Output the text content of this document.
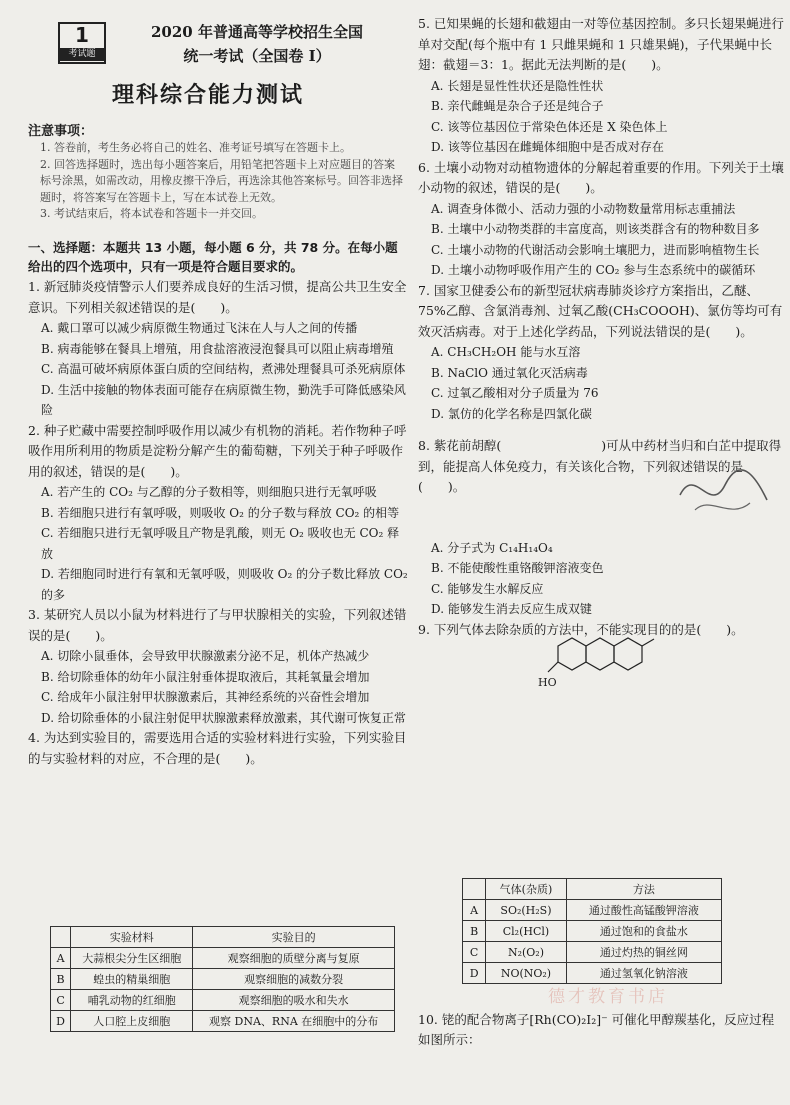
1
考试题
2020 年普通高等学校招生全国
统一考试（全国卷 I）
理科综合能力测试
注意事项：

1. 答卷前，考生务必将自己的姓名、准考证号填写在答题卡上。

2. 回答选择题时，选出每小题答案后，用铅笔把答题卡上对应题目的答案标号涂黑，如需改动，用橡皮擦干净后，再选涂其他答案标号。回答非选择题时，将答案写在答题卡上，写在本试卷上无效。

3. 考试结束后，将本试卷和答题卡一并交回。

一、选择题：本题共 13 小题，每小题 6 分，共 78 分。在每小题给出的四个选项中，只有一项是符合题目要求的。

1. 新冠肺炎疫情警示人们要养成良好的生活习惯，提高公共卫生安全意识。下列相关叙述错误的是(　　)。

A. 戴口罩可以减少病原微生物通过飞沫在人与人之间的传播

B. 病毒能够在餐具上增殖，用食盐溶液浸泡餐具可以阻止病毒增殖

C. 高温可破坏病原体蛋白质的空间结构，煮沸处理餐具可杀死病原体

D. 生活中接触的物体表面可能存在病原微生物，勤洗手可降低感染风险

2. 种子贮藏中需要控制呼吸作用以减少有机物的消耗。若作物种子呼吸作用所利用的物质是淀粉分解产生的葡萄糖，下列关于种子呼吸作用的叙述，错误的是(　　)。

A. 若产生的 CO₂ 与乙醇的分子数相等，则细胞只进行无氧呼吸

B. 若细胞只进行有氧呼吸，则吸收 O₂ 的分子数与释放 CO₂ 的相等

C. 若细胞只进行无氧呼吸且产物是乳酸，则无 O₂ 吸收也无 CO₂ 释放

D. 若细胞同时进行有氧和无氧呼吸，则吸收 O₂ 的分子数比释放 CO₂ 的多

3. 某研究人员以小鼠为材料进行了与甲状腺相关的实验，下列叙述错误的是(　　)。

A. 切除小鼠垂体，会导致甲状腺激素分泌不足，机体产热减少

B. 给切除垂体的幼年小鼠注射垂体提取液后，其耗氧量会增加

C. 给成年小鼠注射甲状腺激素后，其神经系统的兴奋性会增加

D. 给切除垂体的小鼠注射促甲状腺激素释放激素，其代谢可恢复正常

4. 为达到实验目的，需要选用合适的实验材料进行实验，下列实验目的与实验材料的对应，不合理的是(　　)。

	实验材料	实验目的
A	大蒜根尖分生区细胞	观察细胞的质壁分离与复原
B	蝗虫的精巢细胞	观察细胞的减数分裂
C	哺乳动物的红细胞	观察细胞的吸水和失水
D	人口腔上皮细胞	观察 DNA、RNA 在细胞中的分布

5. 已知果蝇的长翅和截翅由一对等位基因控制。多只长翅果蝇进行单对交配(每个瓶中有 1 只雌果蝇和 1 只雄果蝇)，子代果蝇中长翅：截翅＝3：1。据此无法判断的是(　　)。

A. 长翅是显性性状还是隐性性状

B. 亲代雌蝇是杂合子还是纯合子

C. 该等位基因位于常染色体还是 X 染色体上

D. 该等位基因在雌蝇体细胞中是否成对存在

6. 土壤小动物对动植物遗体的分解起着重要的作用。下列关于土壤小动物的叙述，错误的是(　　)。

A. 调查身体微小、活动力强的小动物数量常用标志重捕法

B. 土壤中小动物类群的丰富度高，则该类群含有的物种数目多

C. 土壤小动物的代谢活动会影响土壤肥力，进而影响植物生长

D. 土壤小动物呼吸作用产生的 CO₂ 参与生态系统中的碳循环

7. 国家卫健委公布的新型冠状病毒肺炎诊疗方案指出，乙醚、75%乙醇、含氯消毒剂、过氧乙酸(CH₃COOOH)、氯仿等均可有效灭活病毒。对于上述化学药品，下列说法错误的是(　　)。

A. CH₃CH₂OH 能与水互溶

B. NaClO 通过氧化灭活病毒

C. 过氧乙酸相对分子质量为 76

D. 氯仿的化学名称是四氯化碳

8. 紫花前胡醇(　　　　　　　　)可从中药材当归和白芷中提取得到，能提高人体免疫力，有关该化合物，下列叙述错误的是(　　)。

A. 分子式为 C₁₄H₁₄O₄

B. 不能使酸性重铬酸钾溶液变色

C. 能够发生水解反应

D. 能够发生消去反应生成双键

9. 下列气体去除杂质的方法中，不能实现目的的是(　　)。

	气体(杂质)	方法
A	SO₂(H₂S)	通过酸性高锰酸钾溶液
B	Cl₂(HCl)	通过饱和的食盐水
C	N₂(O₂)	通过灼热的铜丝网
D	NO(NO₂)	通过氢氧化钠溶液
德才教育书店
10. 铑的配合物离子[Rh(CO)₂I₂]⁻ 可催化甲醇羰基化，反应过程如图所示：
HO
